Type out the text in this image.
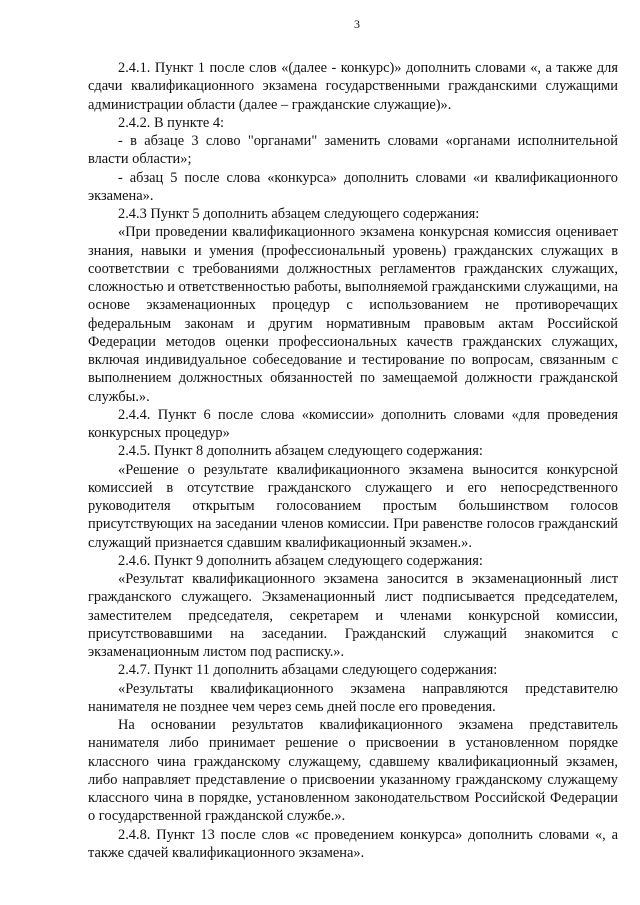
3

2.4.1. Пункт 1 после слов «(далее - конкурс)» дополнить словами «, а также для сдачи квалификационного экзамена государственными гражданскими служащими администрации области (далее – гражданские служащие)».

2.4.2. В пункте 4:

- в абзаце 3 слово "органами" заменить словами «органами исполнительной власти области»;

- абзац 5 после слова «конкурса» дополнить словами «и квалификационного экзамена».

2.4.3 Пункт 5 дополнить абзацем следующего содержания:

«При проведении квалификационного экзамена конкурсная комиссия оценивает знания, навыки и умения (профессиональный уровень) гражданских служащих в соответствии с требованиями должностных регламентов гражданских служащих, сложностью и ответственностью работы, выполняемой гражданскими служащими, на основе экзаменационных процедур с использованием не противоречащих федеральным законам и другим нормативным правовым актам Российской Федерации методов оценки профессиональных качеств гражданских служащих, включая индивидуальное собеседование и тестирование по вопросам, связанным с выполнением должностных обязанностей по замещаемой должности гражданской службы.».

2.4.4. Пункт 6 после слова «комиссии» дополнить словами «для проведения конкурсных процедур»

2.4.5. Пункт 8 дополнить абзацем следующего содержания:

«Решение о результате квалификационного экзамена выносится конкурсной комиссией в отсутствие гражданского служащего и его непосредственного руководителя открытым голосованием простым большинством голосов присутствующих на заседании членов комиссии. При равенстве голосов гражданский служащий признается сдавшим квалификационный экзамен.».

2.4.6. Пункт 9 дополнить абзацем следующего содержания:

«Результат квалификационного экзамена заносится в экзаменационный лист гражданского служащего. Экзаменационный лист подписывается председателем, заместителем председателя, секретарем и членами конкурсной комиссии, присутствовавшими на заседании. Гражданский служащий знакомится с экзаменационным листом под расписку.».

2.4.7. Пункт 11 дополнить абзацами следующего содержания:

«Результаты квалификационного экзамена направляются представителю нанимателя не позднее чем через семь дней после его проведения.

На основании результатов квалификационного экзамена представитель нанимателя либо принимает решение о присвоении в установленном порядке классного чина гражданскому служащему, сдавшему квалификационный экзамен, либо направляет представление о присвоении указанному гражданскому служащему классного чина в порядке, установленном законодательством Российской Федерации о государственной гражданской службе.».

2.4.8. Пункт 13 после слов «с проведением конкурса» дополнить словами «, а также сдачей квалификационного экзамена».
